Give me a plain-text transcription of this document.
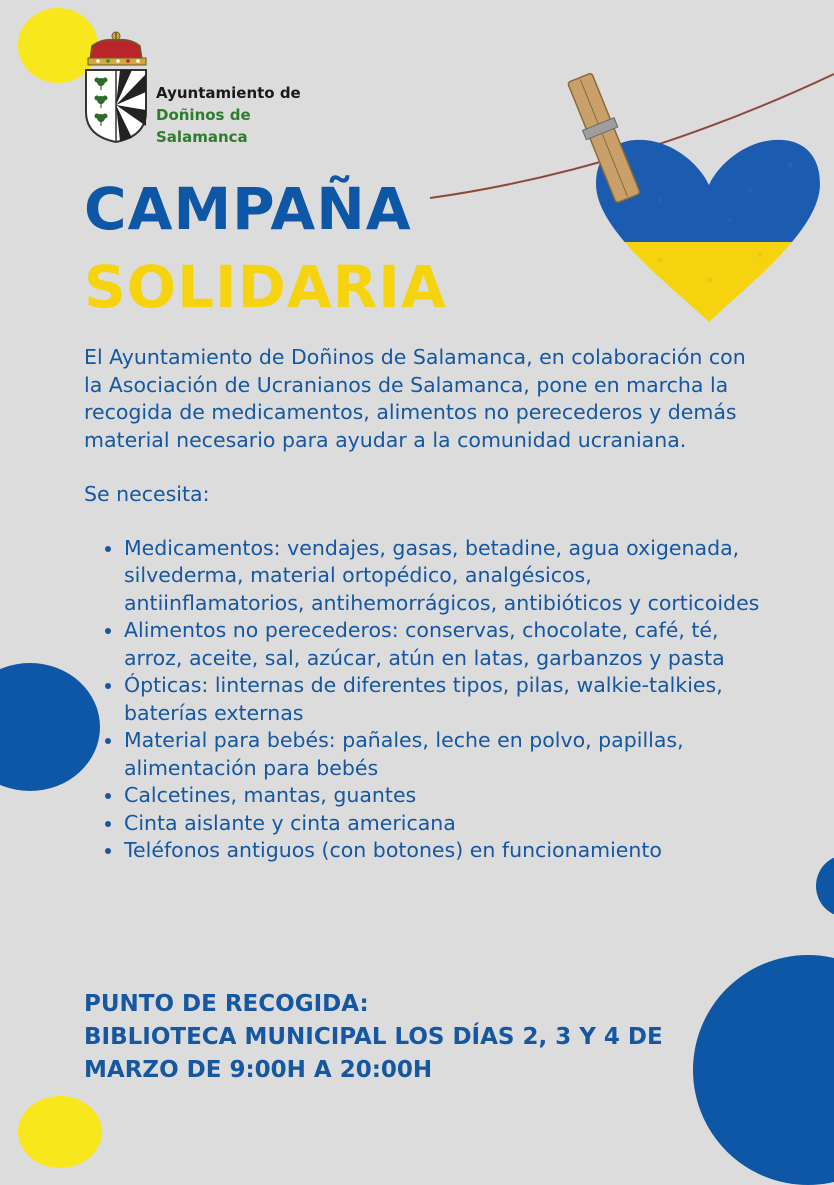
Ayuntamiento de
Doñinos de Salamanca
CAMPAÑA
SOLIDARIA

El Ayuntamiento de Doñinos de Salamanca, en colaboración con la Asociación de Ucranianos de Salamanca, pone en marcha la recogida de medicamentos, alimentos no perecederos y demás material necesario para ayudar a la comunidad ucraniana.

Se necesita:

• Medicamentos: vendajes, gasas, betadine, agua oxigenada, silvederma, material ortopédico, analgésicos, antiinflamatorios, antihemorrágicos, antibióticos y corticoides
• Alimentos no perecederos: conservas, chocolate, café, té, arroz, aceite, sal, azúcar, atún en latas, garbanzos y pasta
• Ópticas: linternas de diferentes tipos, pilas, walkie-talkies, baterías externas
• Material para bebés: pañales, leche en polvo, papillas, alimentación para bebés
• Calcetines, mantas, guantes
• Cinta aislante y cinta americana
• Teléfonos antiguos (con botones) en funcionamiento
PUNTO DE RECOGIDA:
BIBLIOTECA MUNICIPAL LOS DÍAS 2, 3 Y 4 DE
MARZO DE 9:00H A 20:00H
